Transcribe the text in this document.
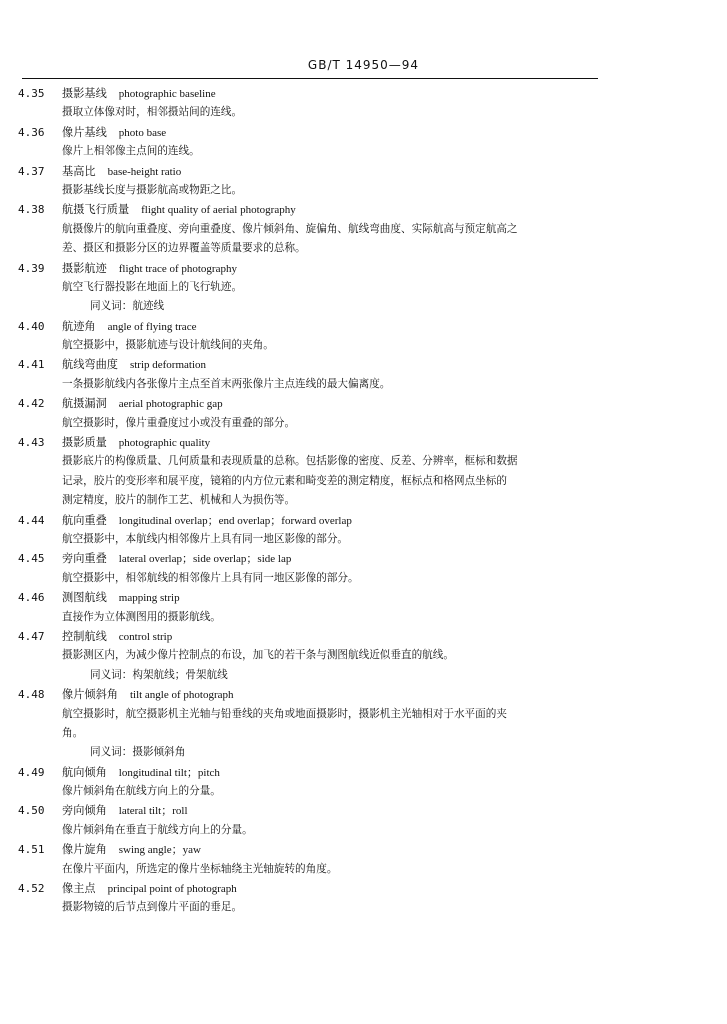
GB/T 14950—94
4.35 摄影基线 photographic baseline
摄取立体像对时，相邻摄站间的连线。
4.36 像片基线 photo base
像片上相邻像主点间的连线。
4.37 基高比 base-height ratio
摄影基线长度与摄影航高或物距之比。
4.38 航摄飞行质量 flight quality of aerial photography
航摄像片的航向重叠度、旁向重叠度、像片倾斜角、旋偏角、航线弯曲度、实际航高与预定航高之
差、摄区和摄影分区的边界覆盖等质量要求的总称。
4.39 摄影航迹 flight trace of photography
航空飞行器投影在地面上的飞行轨迹。
同义词：航迹线
4.40 航迹角 angle of flying trace
航空摄影中，摄影航迹与设计航线间的夹角。
4.41 航线弯曲度 strip deformation
一条摄影航线内各张像片主点至首末两张像片主点连线的最大偏离度。
4.42 航摄漏洞 aerial photographic gap
航空摄影时，像片重叠度过小或没有重叠的部分。
4.43 摄影质量 photographic quality
摄影底片的构像质量、几何质量和表现质量的总称。包括影像的密度、反差、分辨率，框标和数据
记录，胶片的变形率和展平度，镜箱的内方位元素和畸变差的测定精度，框标点和格网点坐标的
测定精度，胶片的制作工艺、机械和人为损伤等。
4.44 航向重叠 longitudinal overlap；end overlap；forward overlap
航空摄影中，本航线内相邻像片上具有同一地区影像的部分。
4.45 旁向重叠 lateral overlap；side overlap；side lap
航空摄影中，相邻航线的相邻像片上具有同一地区影像的部分。
4.46 测图航线 mapping strip
直接作为立体测图用的摄影航线。
4.47 控制航线 control strip
摄影测区内，为减少像片控制点的布设，加飞的若干条与测图航线近似垂直的航线。
同义词：构架航线；骨架航线
4.48 像片倾斜角 tilt angle of photograph
航空摄影时，航空摄影机主光轴与铅垂线的夹角或地面摄影时，摄影机主光轴相对于水平面的夹
角。
同义词：摄影倾斜角
4.49 航向倾角 longitudinal tilt；pitch
像片倾斜角在航线方向上的分量。
4.50 旁向倾角 lateral tilt；roll
像片倾斜角在垂直于航线方向上的分量。
4.51 像片旋角 swing angle；yaw
在像片平面内，所选定的像片坐标轴绕主光轴旋转的角度。
4.52 像主点 principal point of photograph
摄影物镜的后节点到像片平面的垂足。
